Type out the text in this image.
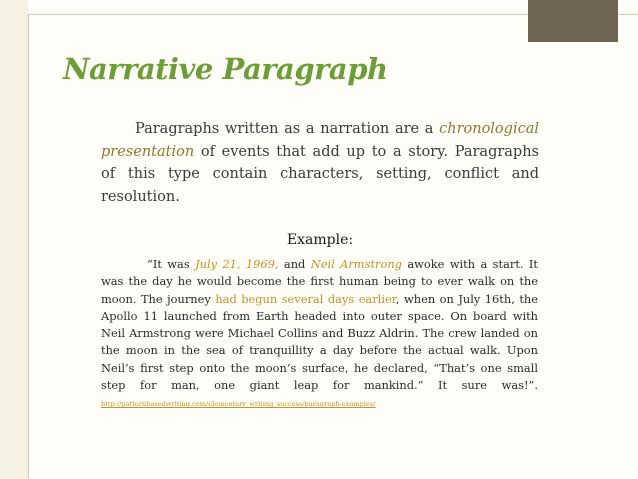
Narrative Paragraph

Paragraphs written as a narration are a chronological presentation of events that add up to a story. Paragraphs of this type contain characters, setting, conflict and resolution.

Example:

“It was July 21, 1969, and Neil Armstrong awoke with a start. It was the day he would become the first human being to ever walk on the moon. The journey had begun several days earlier, when on July 16th, the Apollo 11 launched from Earth headed into outer space. On board with Neil Armstrong were Michael Collins and Buzz Aldrin. The crew landed on the moon in the sea of tranquillity a day before the actual walk. Upon Neil’s first step onto the moon’s surface, he declared, “That’s one small step for man, one giant leap for mankind.” It sure was!”. http://patternbasedwriting.com/elementary_writing_success/paragraph-examples/
